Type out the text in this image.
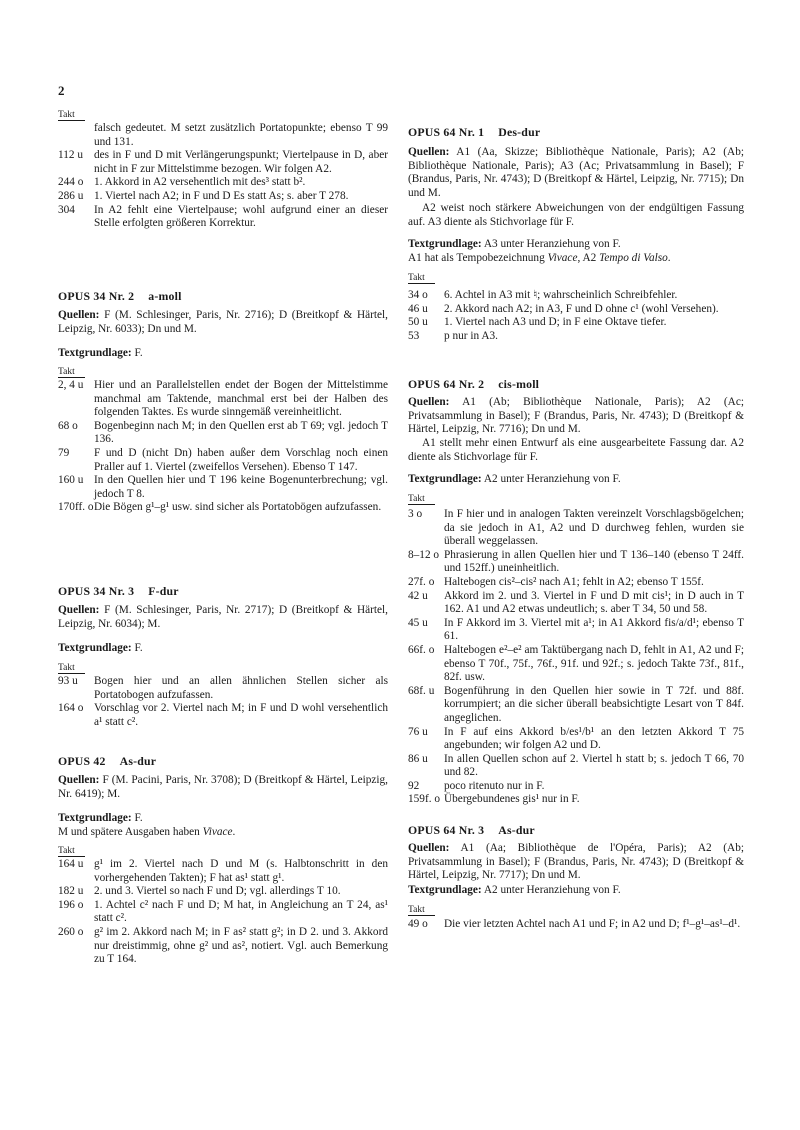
2
Takt
falsch gedeutet. M setzt zusätzlich Portatopunkte; ebenso T 99 und 131.
112 u des in F und D mit Verlängerungspunkt; Viertelpause in D, aber nicht in F zur Mittelstimme bezogen. Wir folgen A2.
244 o 1. Akkord in A2 versehentlich mit des³ statt b².
286 u 1. Viertel nach A2; in F und D Es statt As; s. aber T 278.
304	In A2 fehlt eine Viertelpause; wohl aufgrund einer an dieser Stelle erfolgten größeren Korrektur.
OPUS 34 Nr. 2 a-moll
Quellen: F (M. Schlesinger, Paris, Nr. 2716); D (Breitkopf & Härtel, Leipzig, Nr. 6033); Dn und M.
Textgrundlage: F.
Takt
2, 4 u Hier und an Parallelstellen endet der Bogen der Mittelstimme manchmal am Taktende, manchmal erst bei der Halben des folgenden Taktes. Es wurde sinngemäß vereinheitlicht.
68 o	Bogenbeginn nach M; in den Quellen erst ab T 69; vgl. jedoch T 136.
79	F und D (nicht Dn) haben außer dem Vorschlag noch einen Praller auf 1. Viertel (zweifellos Versehen). Ebenso T 147.
160 u In den Quellen hier und T 196 keine Bogenunterbrechung; vgl. jedoch T 8.
170ff. o Die Bögen g¹–g¹ usw. sind sicher als Portatobögen aufzufassen.
OPUS 34 Nr. 3 F-dur
Quellen: F (M. Schlesinger, Paris, Nr. 2717); D (Breitkopf & Härtel, Leipzig, Nr. 6034); M.
Textgrundlage: F.
Takt
93 u	Bogen hier und an allen ähnlichen Stellen sicher als Portatobogen aufzufassen.
164 o Vorschlag vor 2. Viertel nach M; in F und D wohl versehentlich a¹ statt c².
OPUS 42 As-dur
Quellen: F (M. Pacini, Paris, Nr. 3708); D (Breitkopf & Härtel, Leipzig, Nr. 6419); M.
Textgrundlage: F.
M und spätere Ausgaben haben Vivace.
Takt
164 u g¹ im 2. Viertel nach D und M (s. Halbtonschritt in den vorhergehenden Takten); F hat as¹ statt g¹.
182 u 2. und 3. Viertel so nach F und D; vgl. allerdings T 10.
196 o 1. Achtel c² nach F und D; M hat, in Angleichung an T 24, as¹ statt c².
260 o g² im 2. Akkord nach M; in F as² statt g²; in D 2. und 3. Akkord nur dreistimmig, ohne g² und as², notiert. Vgl. auch Bemerkung zu T 164.
OPUS 64 Nr. 1 Des-dur
Quellen: A1 (Aa, Skizze; Bibliothèque Nationale, Paris); A2 (Ab; Bibliothèque Nationale, Paris); A3 (Ac; Privatsammlung in Basel); F (Brandus, Paris, Nr. 4743); D (Breitkopf & Härtel, Leipzig, Nr. 7715); Dn und M.
A2 weist noch stärkere Abweichungen von der endgültigen Fassung auf. A3 diente als Stichvorlage für F.
Textgrundlage: A3 unter Heranziehung von F.
A1 hat als Tempobezeichnung Vivace, A2 Tempo di Valso.
Takt
34 o	6. Achtel in A3 mit ♮; wahrscheinlich Schreibfehler.
46 u	2. Akkord nach A2; in A3, F und D ohne c¹ (wohl Versehen).
50 u	1. Viertel nach A3 und D; in F eine Oktave tiefer.
53	p nur in A3.
OPUS 64 Nr. 2 cis-moll
Quellen: A1 (Ab; Bibliothèque Nationale, Paris); A2 (Ac; Privatsammlung in Basel); F (Brandus, Paris, Nr. 4743); D (Breitkopf & Härtel, Leipzig, Nr. 7716); Dn und M.
A1 stellt mehr einen Entwurf als eine ausgearbeitete Fassung dar. A2 diente als Stichvorlage für F.
Textgrundlage: A2 unter Heranziehung von F.
Takt
3 o	In F hier und in analogen Takten vereinzelt Vorschlagsbögelchen; da sie jedoch in A1, A2 und D durchweg fehlen, wurden sie überall weggelassen.
8–12 o Phrasierung in allen Quellen hier und T 136–140 (ebenso T 24ff. und 152ff.) uneinheitlich.
27f. o Haltebogen cis²–cis² nach A1; fehlt in A2; ebenso T 155f.
42 u	Akkord im 2. und 3. Viertel in F und D mit cis¹; in D auch in T 162. A1 und A2 etwas undeutlich; s. aber T 34, 50 und 58.
45 u	In F Akkord im 3. Viertel mit a¹; in A1 Akkord fis/a/d¹; ebenso T 61.
66f. o Haltebogen e²–e² am Taktübergang nach D, fehlt in A1, A2 und F; ebenso T 70f., 75f., 76f., 91f. und 92f.; s. jedoch Takte 73f., 81f., 82f. usw.
68f. u Bogenführung in den Quellen hier sowie in T 72f. und 88f. korrumpiert; an die sicher überall beabsichtigte Lesart von T 84f. angeglichen.
76 u	In F auf eins Akkord b/es¹/b¹ an den letzten Akkord T 75 angebunden; wir folgen A2 und D.
86 u	In allen Quellen schon auf 2. Viertel h statt b; s. jedoch T 66, 70 und 82.
92	poco ritenuto nur in F.
159f. o Übergebundenes gis¹ nur in F.
OPUS 64 Nr. 3 As-dur
Quellen: A1 (Aa; Bibliothèque de l'Opéra, Paris); A2 (Ab; Privatsammlung in Basel); F (Brandus, Paris, Nr. 4743); D (Breitkopf & Härtel, Leipzig, Nr. 7717); Dn und M.
Textgrundlage: A2 unter Heranziehung von F.
Takt
49 o	Die vier letzten Achtel nach A1 und F; in A2 und D; f¹–g¹–as¹–d¹.
